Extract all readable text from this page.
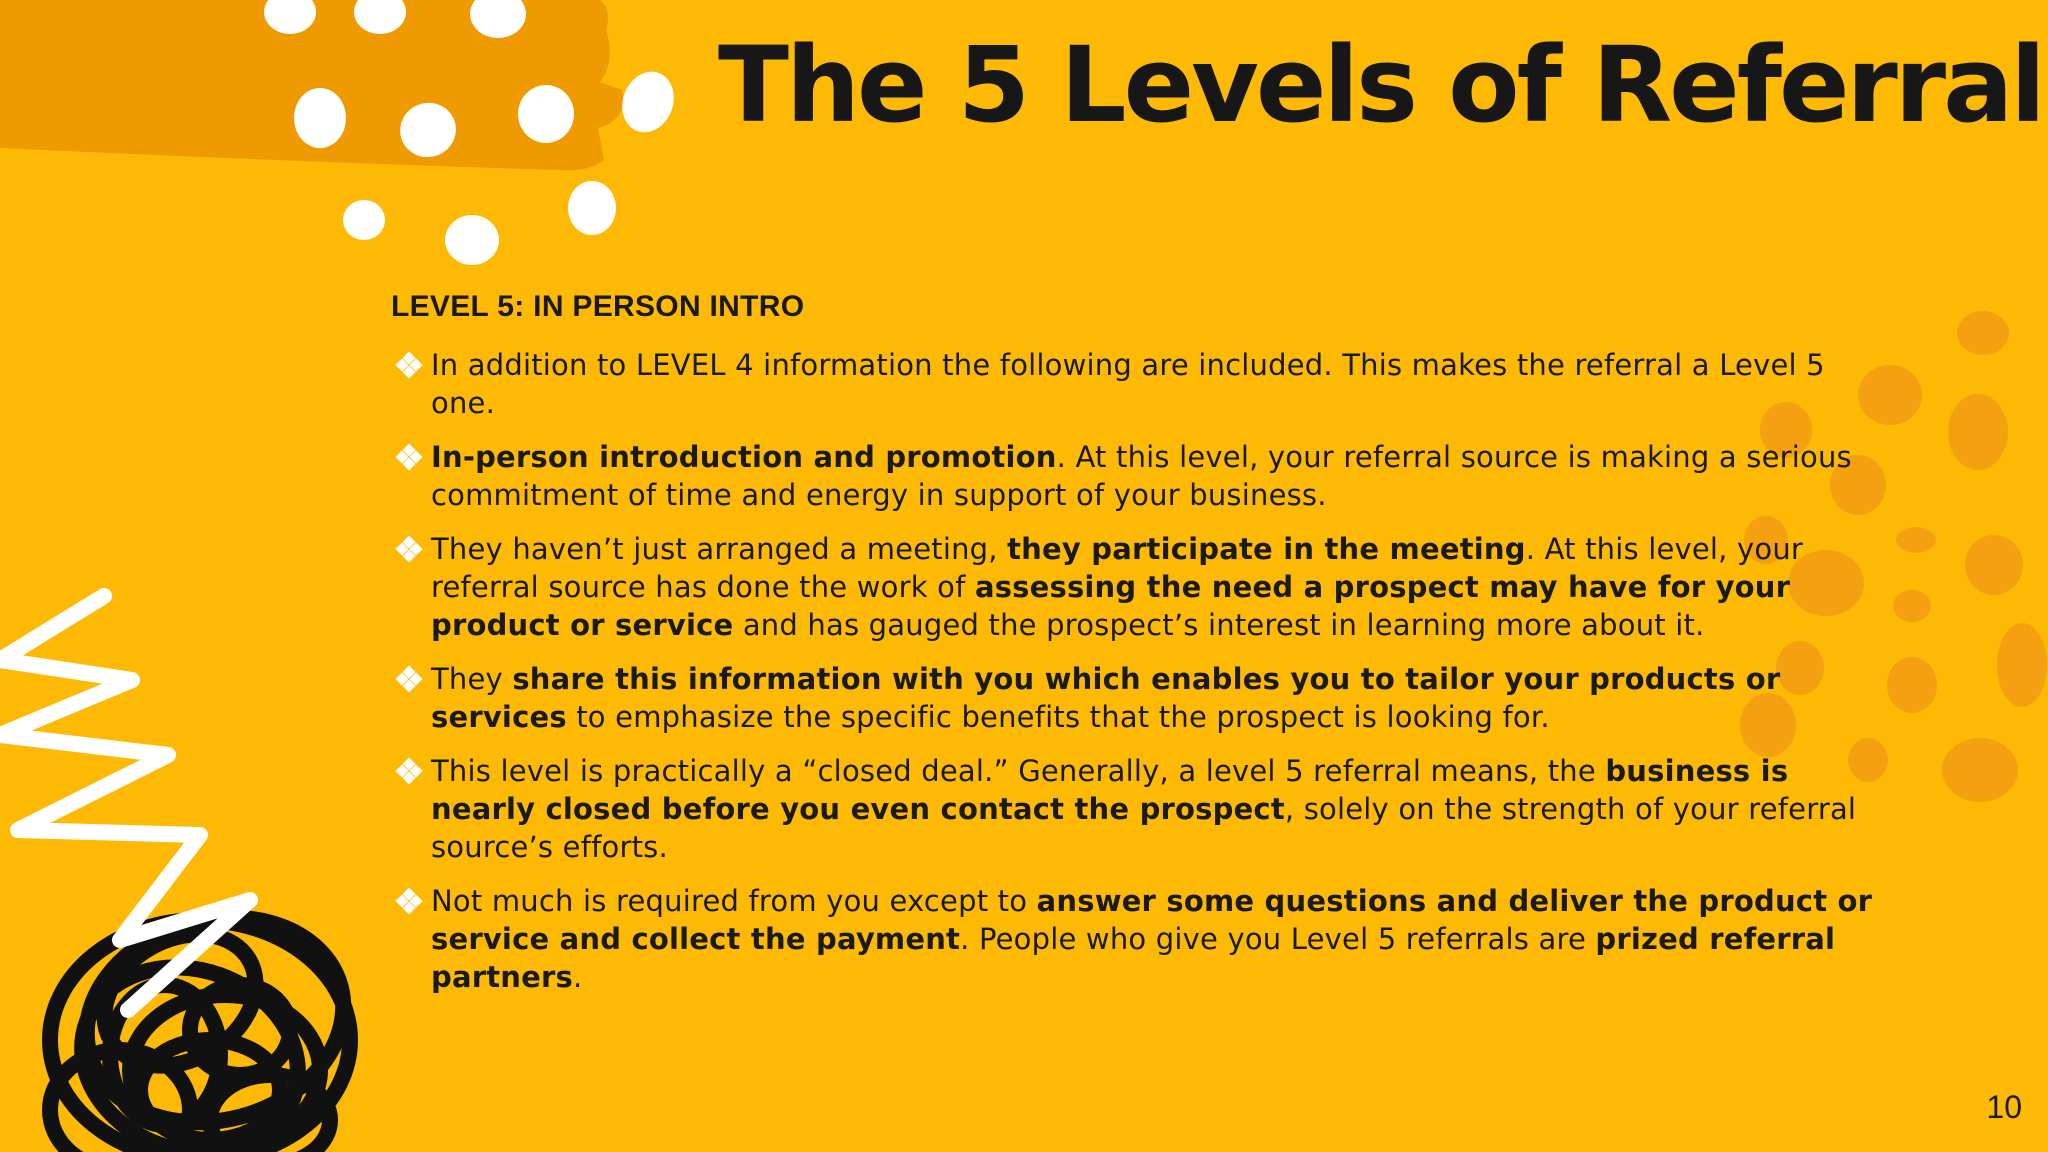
The 5 Levels of Referral
LEVEL 5: IN PERSON INTRO
In addition to LEVEL 4 information the following are included. This makes the referral a Level 5 one.
In-person introduction and promotion. At this level, your referral source is making a serious commitment of time and energy in support of your business.
They haven’t just arranged a meeting, they participate in the meeting. At this level, your referral source has done the work of assessing the need a prospect may have for your product or service and has gauged the prospect’s interest in learning more about it.
They share this information with you which enables you to tailor your products or services to emphasize the specific benefits that the prospect is looking for.
This level is practically a “closed deal.” Generally, a level 5 referral means, the business is nearly closed before you even contact the prospect, solely on the strength of your referral source’s efforts.
Not much is required from you except to answer some questions and deliver the product or service and collect the payment. People who give you Level 5 referrals are prized referral partners.
10
